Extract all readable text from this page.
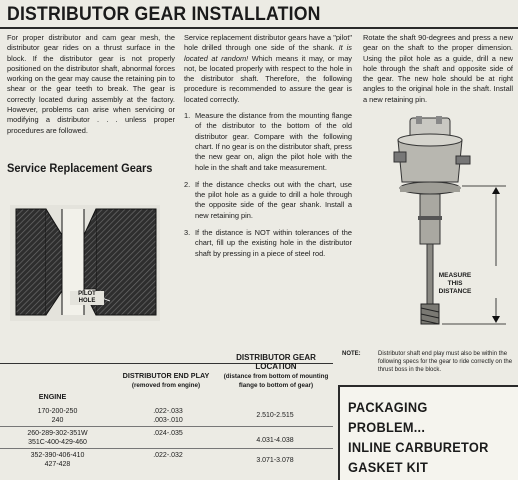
DISTRIBUTOR GEAR INSTALLATION

For proper distributor and cam gear mesh, the distributor gear rides on a thrust surface in the block. If the distributor gear is not properly positioned on the distributor shaft, abnormal forces working on the gear may cause the retaining pin to shear or the gear teeth to break. The gear is correctly located during assembly at the factory. However, problems can arise when servicing or modifying a distributor . . . unless proper procedures are followed.

Service Replacement Gears
PILOT HOLE

Service replacement distributor gears have a "pilot" hole drilled through one side of the shank. It is located at random! Which means it may, or may not, be located properly with respect to the hole in the distributor shaft. Therefore, the following procedure is recommended to assure the gear is located correctly.

1. Measure the distance from the mounting flange of the distributor to the bottom of the old distributor gear. Compare with the following chart. If no gear is on the distributor shaft, press the new gear on, align the pilot hole with the hole in the shaft and take measurement.
2. If the distance checks out with the chart, use the pilot hole as a guide to drill a hole through the opposite side of the gear shank. Install a new retaining pin.
3. If the distance is NOT within tolerances of the chart, fill up the existing hole in the distributor shaft by pressing in a piece of steel rod.

Rotate the shaft 90-degrees and press a new gear on the shaft to the proper dimension. Using the pilot hole as a guide, drill a new hole through the shaft and opposite side of the gear. The new hole should be at right angles to the original hole in the shaft. Install a new retaining pin.

MEASURE THIS DISTANCE
NOTE:	Distributor shaft end play must also be within the following specs for the gear to ride correctly on the thrust boss in the block.
ENGINE
DISTRIBUTOR END PLAY
(removed from engine)
DISTRIBUTOR GEAR LOCATION
(distance from bottom of mounting flange to bottom of gear)
170-200-250
240
.022-.033
.003-.010
2.510-2.515
260-289-302-351W
351C-400-429-460
.024-.035
4.031-4.038
352-390-406-410
427-428
.022-.032
3.071-3.078
PACKAGING PROBLEM...
INLINE CARBURETOR
GASKET KIT
